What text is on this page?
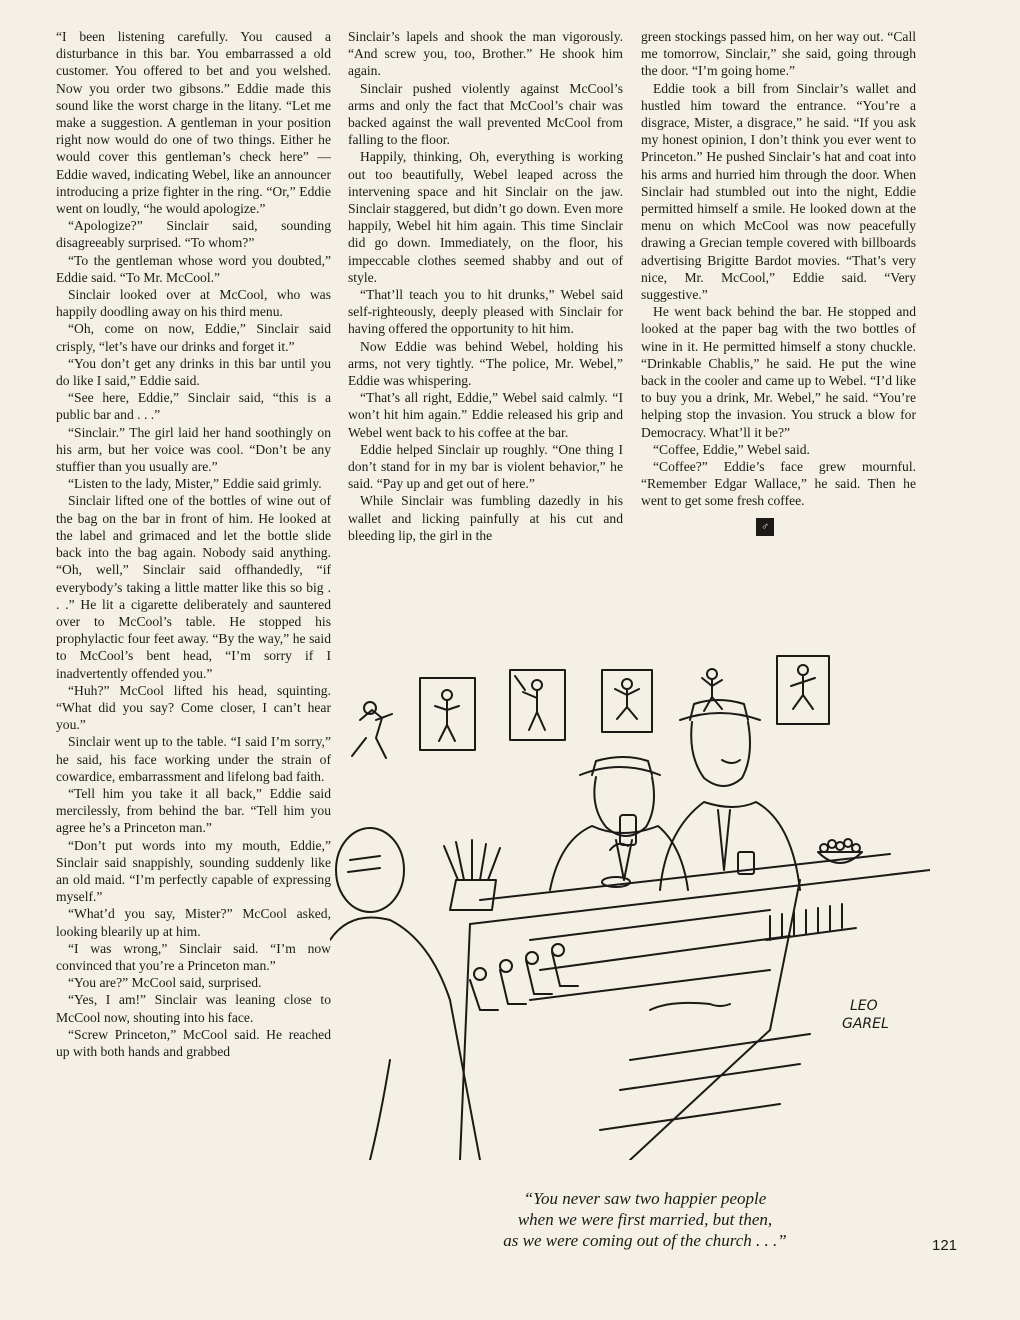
“I been listening carefully. You caused a disturbance in this bar. You embarrassed a old customer. You offered to bet and you welshed. Now you order two gibsons.” Eddie made this sound like the worst charge in the litany. “Let me make a suggestion. A gentleman in your position right now would do one of two things. Either he would cover this gentleman’s check here” — Eddie waved, indicating Webel, like an announcer introducing a prize fighter in the ring. “Or,” Eddie went on loudly, “he would apologize.”

“Apologize?” Sinclair said, sounding disagreeably surprised. “To whom?”

“To the gentleman whose word you doubted,” Eddie said. “To Mr. McCool.”

Sinclair looked over at McCool, who was happily doodling away on his third menu.

“Oh, come on now, Eddie,” Sinclair said crisply, “let’s have our drinks and forget it.”

“You don’t get any drinks in this bar until you do like I said,” Eddie said.

“See here, Eddie,” Sinclair said, “this is a public bar and . . .”

“Sinclair.” The girl laid her hand soothingly on his arm, but her voice was cool. “Don’t be any stuffier than you usually are.”

“Listen to the lady, Mister,” Eddie said grimly.

Sinclair lifted one of the bottles of wine out of the bag on the bar in front of him. He looked at the label and grimaced and let the bottle slide back into the bag again. Nobody said anything. “Oh, well,” Sinclair said offhandedly, “if everybody’s taking a little matter like this so big . . .” He lit a cigarette deliberately and sauntered over to McCool’s table. He stopped his prophylactic four feet away. “By the way,” he said to McCool’s bent head, “I’m sorry if I inadvertently offended you.”

“Huh?” McCool lifted his head, squinting. “What did you say? Come closer, I can’t hear you.”

Sinclair went up to the table. “I said I’m sorry,” he said, his face working under the strain of cowardice, embarrassment and lifelong bad faith.

“Tell him you take it all back,” Eddie said mercilessly, from behind the bar. “Tell him you agree he’s a Princeton man.”

“Don’t put words into my mouth, Eddie,” Sinclair said snappishly, sounding suddenly like an old maid. “I’m perfectly capable of expressing myself.”

“What’d you say, Mister?” McCool asked, looking blearily up at him.

“I was wrong,” Sinclair said. “I’m now convinced that you’re a Princeton man.”

“You are?” McCool said, surprised.

“Yes, I am!” Sinclair was leaning close to McCool now, shouting into his face.

“Screw Princeton,” McCool said. He reached up with both hands and grabbed

Sinclair’s lapels and shook the man vigorously. “And screw you, too, Brother.” He shook him again.

Sinclair pushed violently against McCool’s arms and only the fact that McCool’s chair was backed against the wall prevented McCool from falling to the floor.

Happily, thinking, Oh, everything is working out too beautifully, Webel leaped across the intervening space and hit Sinclair on the jaw. Sinclair staggered, but didn’t go down. Even more happily, Webel hit him again. This time Sinclair did go down. Immediately, on the floor, his impeccable clothes seemed shabby and out of style.

“That’ll teach you to hit drunks,” Webel said self-righteously, deeply pleased with Sinclair for having offered the opportunity to hit him.

Now Eddie was behind Webel, holding his arms, not very tightly. “The police, Mr. Webel,” Eddie was whispering.

“That’s all right, Eddie,” Webel said calmly. “I won’t hit him again.” Eddie released his grip and Webel went back to his coffee at the bar.

Eddie helped Sinclair up roughly. “One thing I don’t stand for in my bar is violent behavior,” he said. “Pay up and get out of here.”

While Sinclair was fumbling dazedly in his wallet and licking painfully at his cut and bleeding lip, the girl in the

green stockings passed him, on her way out. “Call me tomorrow, Sinclair,” she said, going through the door. “I’m going home.”

Eddie took a bill from Sinclair’s wallet and hustled him toward the entrance. “You’re a disgrace, Mister, a disgrace,” he said. “If you ask my honest opinion, I don’t think you ever went to Princeton.” He pushed Sinclair’s hat and coat into his arms and hurried him through the door. When Sinclair had stumbled out into the night, Eddie permitted himself a smile. He looked down at the menu on which McCool was now peacefully drawing a Grecian temple covered with billboards advertising Brigitte Bardot movies. “That’s very nice, Mr. McCool,” Eddie said. “Very suggestive.”

He went back behind the bar. He stopped and looked at the paper bag with the two bottles of wine in it. He permitted himself a stony chuckle. “Drinkable Chablis,” he said. He put the wine back in the cooler and came up to Webel. “I’d like to buy you a drink, Mr. Webel,” he said. “You’re helping stop the invasion. You struck a blow for Democracy. What’ll it be?”

“Coffee, Eddie,” Webel said.

“Coffee?” Eddie’s face grew mournful. “Remember Edgar Wallace,” he said. Then he went to get some fresh coffee.

♂
LEO
GAREL
“You never saw two happier people
when we were first married, but then,
as we were coming out of the church . . .”	121
